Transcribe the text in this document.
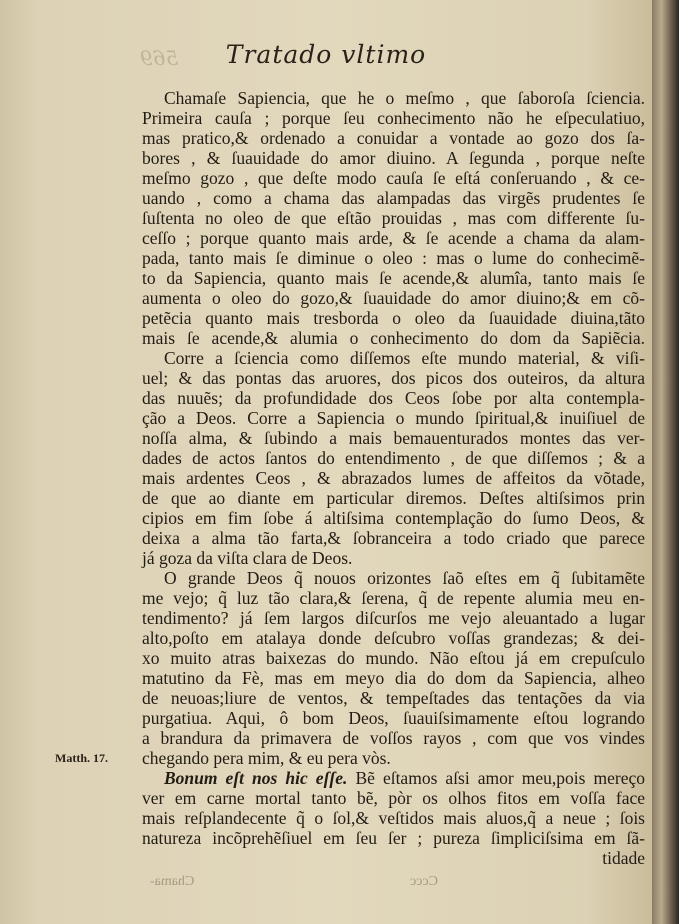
569 Tratado vltimo
Chamaſe Sapiencia, que he o meſmo , que ſaboroſa ſciencia.
Primeira cauſa ; porque ſeu conhecimento não he eſpeculatiuo,
mas pratico,& ordenado a conuidar a vontade ao gozo dos ſa-
bores , & ſuauidade do amor diuino. A ſegunda , porque neſte
meſmo gozo , que deſte modo cauſa ſe eſtá conſeruando , & ce-
uando , como a chama das alampadas das virgẽs prudentes ſe
ſuſtenta no oleo de que eſtão prouidas , mas com differente ſu-
ceſſo ; porque quanto mais arde, & ſe acende a chama da alam-
pada, tanto mais ſe diminue o oleo : mas o lume do conhecimẽ-
to da Sapiencia, quanto mais ſe acende,& alumîa, tanto mais ſe
aumenta o oleo do gozo,& ſuauidade do amor diuino;& em cõ-
petẽcia quanto mais tresborda o oleo da ſuauidade diuina,tãto
mais ſe acende,& alumia o conhecimento do dom da Sapiẽcia.
Corre a ſciencia como diſſemos eſte mundo material, & viſi-
uel; & das pontas das aruores, dos picos dos outeiros, da altura
das nuuẽs; da profundidade dos Ceos ſobe por alta contempla-
ção a Deos. Corre a Sapiencia o mundo ſpiritual,& inuiſiuel de
noſſa alma, & ſubindo a mais bemauenturados montes das ver-
dades de actos ſantos do entendimento , de que diſſemos ; & a
mais ardentes Ceos , & abrazados lumes de affeitos da võtade,
de que ao diante em particular diremos. Deſtes altiſsimos prin
cipios em fim ſobe á altiſsima contemplação do ſumo Deos, &
deixa a alma tão farta,& ſobranceira a todo criado que parece
já goza da viſta clara de Deos.
O grande Deos q̃ nouos orizontes ſaõ eſtes em q̃ ſubitamẽte
me vejo; q̃ luz tão clara,& ſerena, q̃ de repente alumia meu en-
tendimento? já ſem largos diſcurſos me vejo aleuantado a lugar
alto,poſto em atalaya donde deſcubro voſſas grandezas; & dei-
xo muito atras baixezas do mundo. Não eſtou já em crepuſculo
matutino da Fè, mas em meyo dia do dom da Sapiencia, alheo
de neuoas;liure de ventos, & tempeſtades das tentações da via
purgatiua. Aqui, ô bom Deos, ſuauiſsimamente eſtou logrando
a brandura da primavera de voſſos rayos , com que vos vindes
chegando pera mim, & eu pera vòs.
Bonum eſt nos hic eſſe. Bẽ eſtamos aſsi amor meu,pois mereço
ver em carne mortal tanto bẽ, pòr os olhos fitos em voſſa face
mais reſplandecente q̃ o ſol,& veſtidos mais aluos,q̃ a neue ; ſois
natureza incõprehẽſiuel em ſeu ſer ; pureza ſimpliciſsima em ſã-
tidade
Matth. 17.
Cccc
Chama-
